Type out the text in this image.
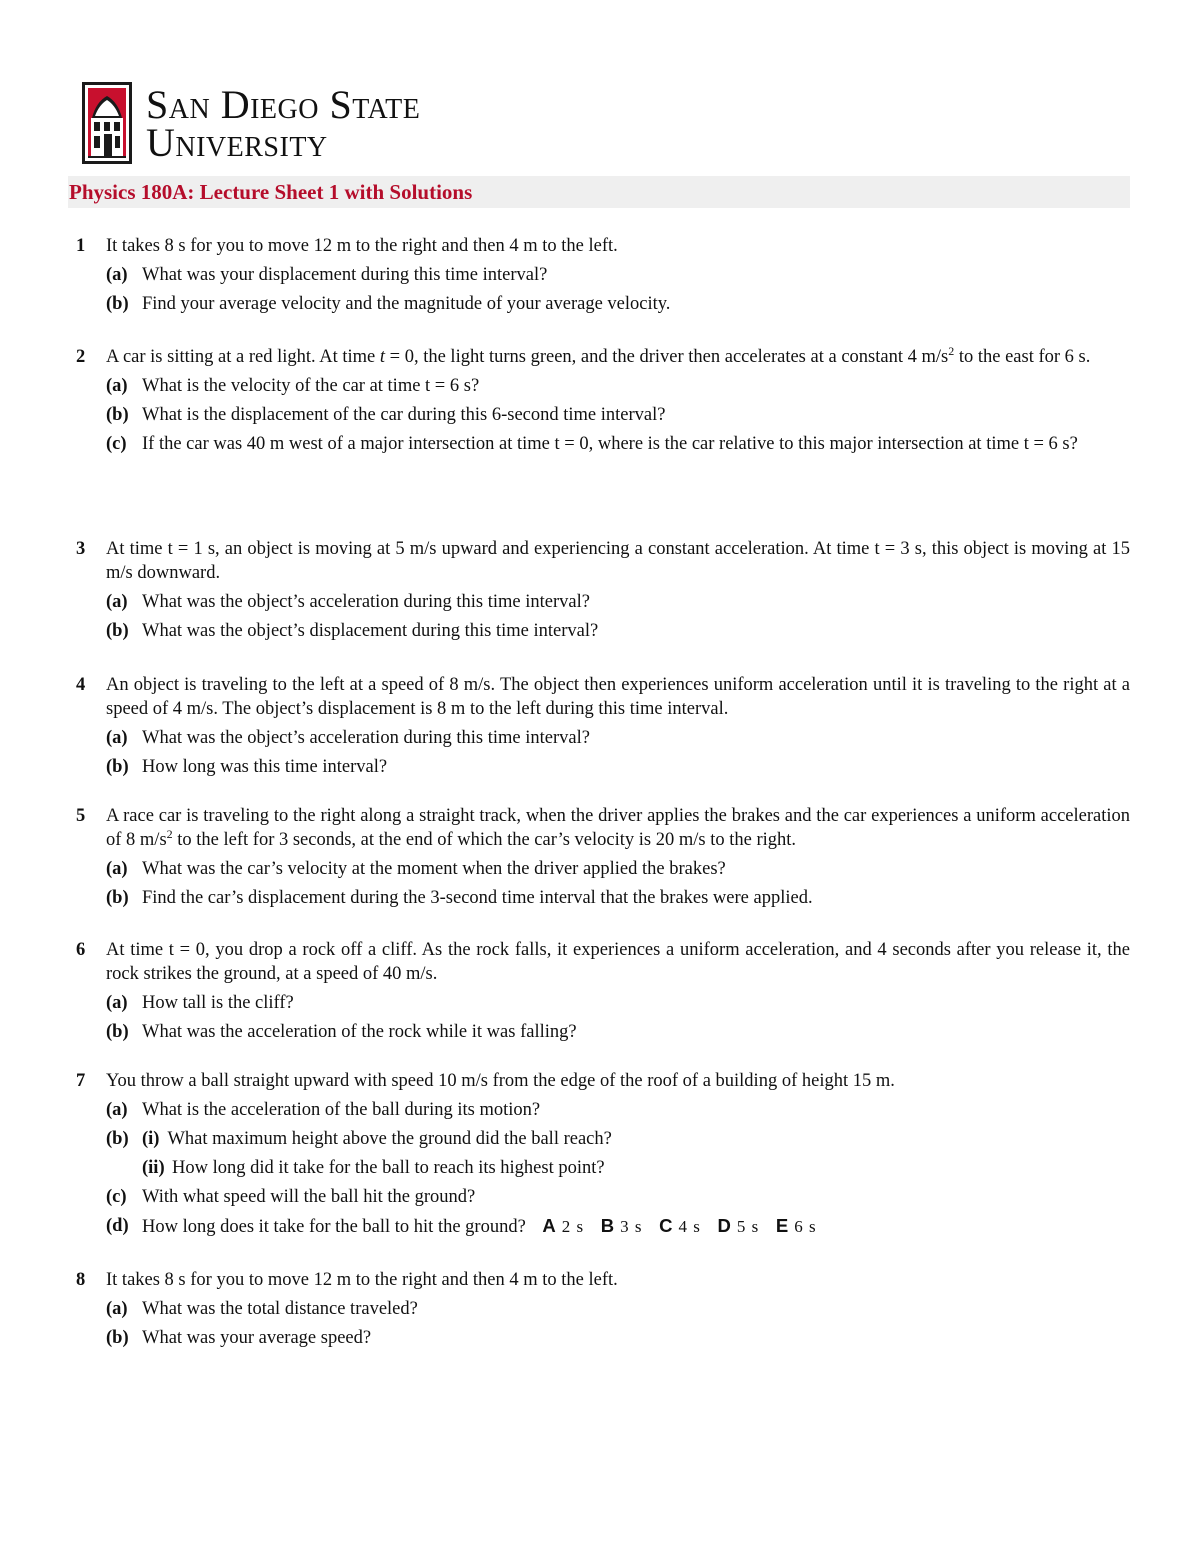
San Diego State
University
Physics 180A: Lecture Sheet 1 with Solutions
1 It takes 8 s for you to move 12 m to the right and then 4 m to the left.
(a) What was your displacement during this time interval?
(b) Find your average velocity and the magnitude of your average velocity.
2 A car is sitting at a red light. At time t = 0, the light turns green, and the driver then accelerates at a constant 4 $m/s^2$ to the east for 6 s.
(a) What is the velocity of the car at time t = 6 s?
(b) What is the displacement of the car during this 6-second time interval?
(c) If the car was 40 m west of a major intersection at time t = 0, where is the car relative to this major intersection at time t = 6 s?
3 At time t = 1 s, an object is moving at 5 m/s upward and experiencing a constant acceleration. At time t = 3 s, this object is moving at 15 m/s downward.
(a) What was the object’s acceleration during this time interval?
(b) What was the object’s displacement during this time interval?
4 An object is traveling to the left at a speed of 8 m/s. The object then experiences uniform acceleration until it is traveling to the right at a speed of 4 m/s. The object’s displacement is 8 m to the left during this time interval.
(a) What was the object’s acceleration during this time interval?
(b) How long was this time interval?
5 A race car is traveling to the right along a straight track, when the driver applies the brakes and the car experiences a uniform acceleration of 8 $m/s^2$ to the left for 3 seconds, at the end of which the car’s velocity is 20 m/s to the right.
(a) What was the car’s velocity at the moment when the driver applied the brakes?
(b) Find the car’s displacement during the 3-second time interval that the brakes were applied.
6 At time t = 0, you drop a rock off a cliff. As the rock falls, it experiences a uniform acceleration, and 4 seconds after you release it, the rock strikes the ground, at a speed of 40 m/s.
(a) How tall is the cliff?
(b) What was the acceleration of the rock while it was falling?
7 You throw a ball straight upward with speed 10 m/s from the edge of the roof of a building of height 15 m.
(a) What is the acceleration of the ball during its motion?
(b) (i) What maximum height above the ground did the ball reach?
(ii) How long did it take for the ball to reach its highest point?
(c) With what speed will the ball hit the ground?
(d) How long does it take for the ball to hit the ground? A 2 s B 3 s C 4 s D 5 s E 6 s
8 It takes 8 s for you to move 12 m to the right and then 4 m to the left.
(a) What was the total distance traveled?
(b) What was your average speed?
